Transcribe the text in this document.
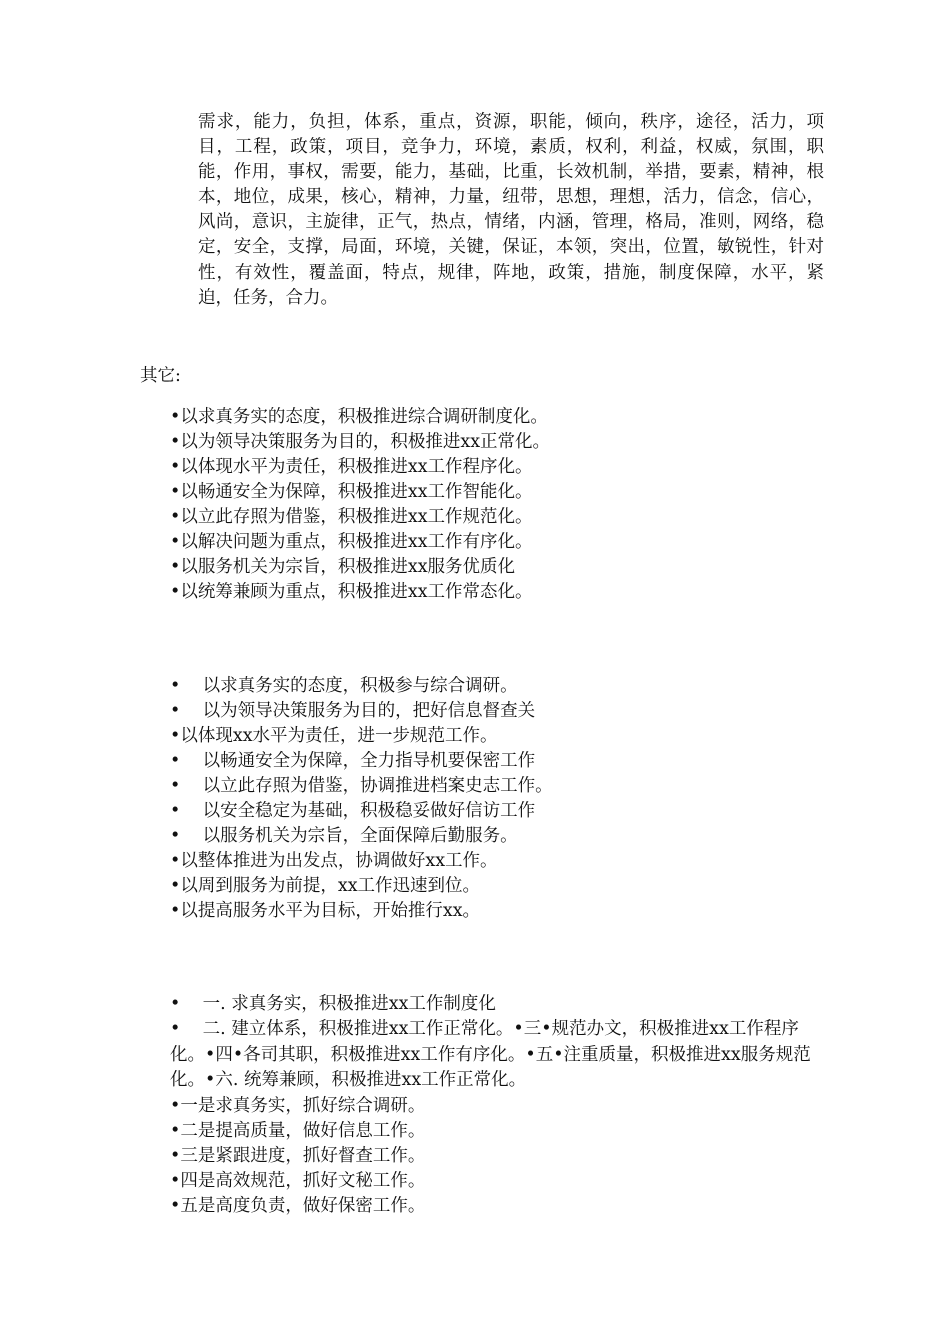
需求，能力，负担，体系，重点，资源，职能，倾向，秩序，途径，活力，项目，工程，政策，项目，竞争力，环境，素质，权利，利益，权威，氛围，职能，作用，事权，需要，能力，基础，比重，长效机制，举措，要素，精神，根本，地位，成果，核心，精神，力量，纽带，思想，理想，活力，信念，信心，风尚，意识，主旋律，正气，热点，情绪，内涵，管理，格局，准则，网络，稳定，安全，支撑，局面，环境，关键，保证，本领，突出，位置，敏锐性，针对性，有效性，覆盖面，特点，规律，阵地，政策，措施，制度保障，水平，紧迫，任务，合力。
其它:
•以求真务实的态度，积极推进综合调研制度化。
•以为领导决策服务为目的，积极推进xx正常化。
•以体现水平为责任，积极推进xx工作程序化。
•以畅通安全为保障，积极推进xx工作智能化。
•以立此存照为借鉴，积极推进xx工作规范化。
•以解决问题为重点，积极推进xx工作有序化。
•以服务机关为宗旨，积极推进xx服务优质化
•以统筹兼顾为重点，积极推进xx工作常态化。
•    以求真务实的态度，积极参与综合调研。
•    以为领导决策服务为目的，把好信息督查关
•以体现xx水平为责任，进一步规范工作。
•    以畅通安全为保障，全力指导机要保密工作
•    以立此存照为借鉴，协调推进档案史志工作。
•    以安全稳定为基础，积极稳妥做好信访工作
•    以服务机关为宗旨，全面保障后勤服务。
•以整体推进为出发点，协调做好xx工作。
•以周到服务为前提，xx工作迅速到位。
•以提高服务水平为目标，开始推行xx。
•    一. 求真务实，积极推进xx工作制度化
•    二. 建立体系，积极推进xx工作正常化。•三•规范办文，积极推进xx工作程序化。•四•各司其职，积极推进xx工作有序化。•五•注重质量，积极推进xx服务规范化。•六. 统筹兼顾，积极推进xx工作正常化。
•一是求真务实，抓好综合调研。
•二是提高质量，做好信息工作。
•三是紧跟进度，抓好督查工作。
•四是高效规范，抓好文秘工作。
•五是高度负责，做好保密工作。
